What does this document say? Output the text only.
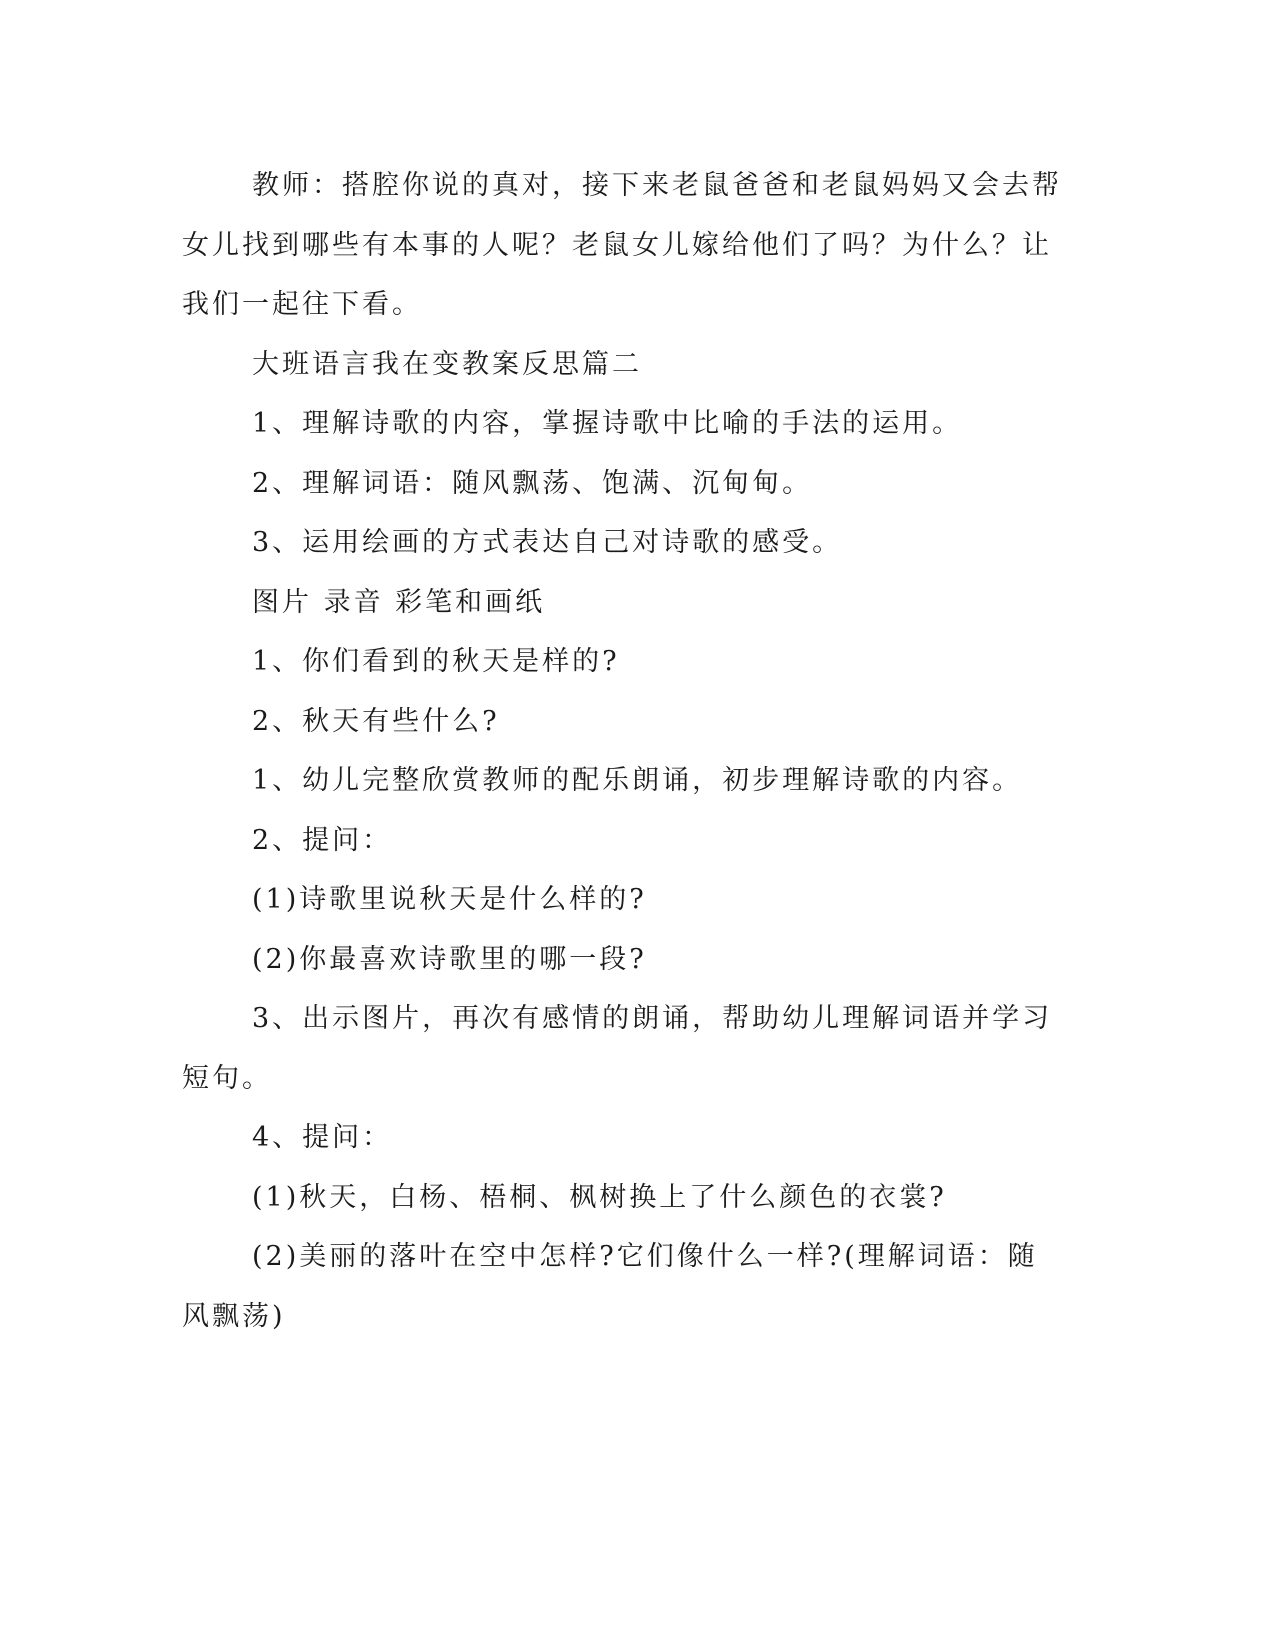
教师：搭腔你说的真对，接下来老鼠爸爸和老鼠妈妈又会去帮女儿找到哪些有本事的人呢？老鼠女儿嫁给他们了吗？为什么？让我们一起往下看。

大班语言我在变教案反思篇二

1、理解诗歌的内容，掌握诗歌中比喻的手法的运用。

2、理解词语：随风飘荡、饱满、沉甸甸。

3、运用绘画的方式表达自己对诗歌的感受。

图片 录音 彩笔和画纸

1、你们看到的秋天是样的?

2、秋天有些什么?

1、幼儿完整欣赏教师的配乐朗诵，初步理解诗歌的内容。

2、提问：

(1)诗歌里说秋天是什么样的?

(2)你最喜欢诗歌里的哪一段?

3、出示图片，再次有感情的朗诵，帮助幼儿理解词语并学习短句。

4、提问：

(1)秋天，白杨、梧桐、枫树换上了什么颜色的衣裳?

(2)美丽的落叶在空中怎样?它们像什么一样?(理解词语：随风飘荡)
